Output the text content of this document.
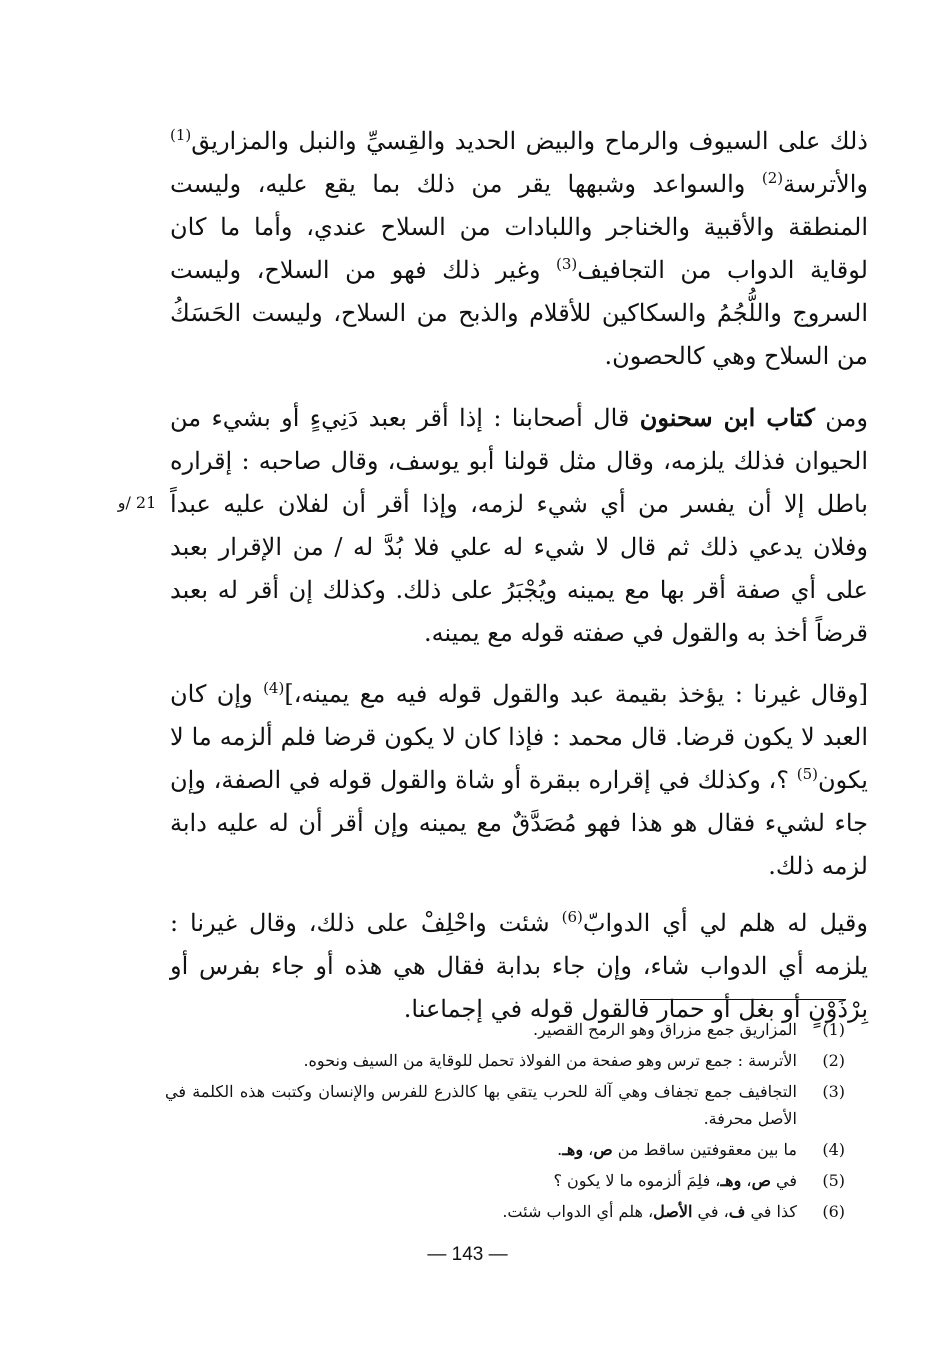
ذلك على السيوف والرماح والبيض الحديد والقِسيِّ والنبل والمزاريق$^{(1)}$ والأترسة$^{(2)}$ والسواعد وشبهها يقر من ذلك بما يقع عليه، وليست المنطقة والأقبية والخناجر واللبادات من السلاح عندي، وأما ما كان لوقاية الدواب من التجافيف$^{(3)}$ وغير ذلك فهو من السلاح، وليست السروج واللُّجُمُ والسكاكين للأقلام والذبح من السلاح، وليست الحَسَكُ من السلاح وهي كالحصون.

ومن كتاب ابن سحنون قال أصحابنا : إذا أقر بعبد دَنِيءٍ أو بشيء من الحيوان فذلك يلزمه، وقال مثل قولنا أبو يوسف، وقال صاحبه : إقراره باطل إلا أن يفسر من أي شيء لزمه، وإذا أقر أن لفلان عليه عبداً وفلان يدعي ذلك ثم قال لا شيء له علي فلا بُدَّ له / من الإقرار بعبد على أي صفة أقر بها مع يمينه ويُجْبَرُ على ذلك. وكذلك إن أقر له بعبد قرضاً أخذ به والقول في صفته قوله مع يمينه.

[وقال غيرنا : يؤخذ بقيمة عبد والقول قوله فيه مع يمينه،]$^{(4)}$ وإن كان العبد لا يكون قرضا. قال محمد : فإذا كان لا يكون قرضا فلم ألزمه ما لا يكون$^{(5)}$ ؟، وكذلك في إقراره ببقرة أو شاة والقول قوله في الصفة، وإن جاء لشيء فقال هو هذا فهو مُصَدَّقٌ مع يمينه وإن أقر أن له عليه دابة لزمه ذلك.

وقيل له هلم لي أي الدوابّ$^{(6)}$ شئت واحْلِفْ على ذلك، وقال غيرنا : يلزمه أي الدواب شاء، وإن جاء بدابة فقال هي هذه أو جاء بفرس أو بِرْذَوْنٍ أو بغل أو حمار فالقول قوله في إجماعنا.

21 /و
(1)
المزاريق جمع مزراق وهو الرمح القصير.
(2)
الأترسة : جمع ترس وهو صفحة من الفولاذ تحمل للوقاية من السيف ونحوه.
(3)
التجافيف جمع تجفاف وهي آلة للحرب يتقي بها كالذرع للفرس والإنسان وكتبت هذه الكلمة في الأصل محرفة.
(4)
ما بين معقوفتين ساقط من ص، وهـ.
(5)
في ص، وهـ، فلِمَ ألزموه ما لا يكون ؟
(6)
كذا في ف، في الأصل، هلم أي الدواب شئت.
— 143 —
